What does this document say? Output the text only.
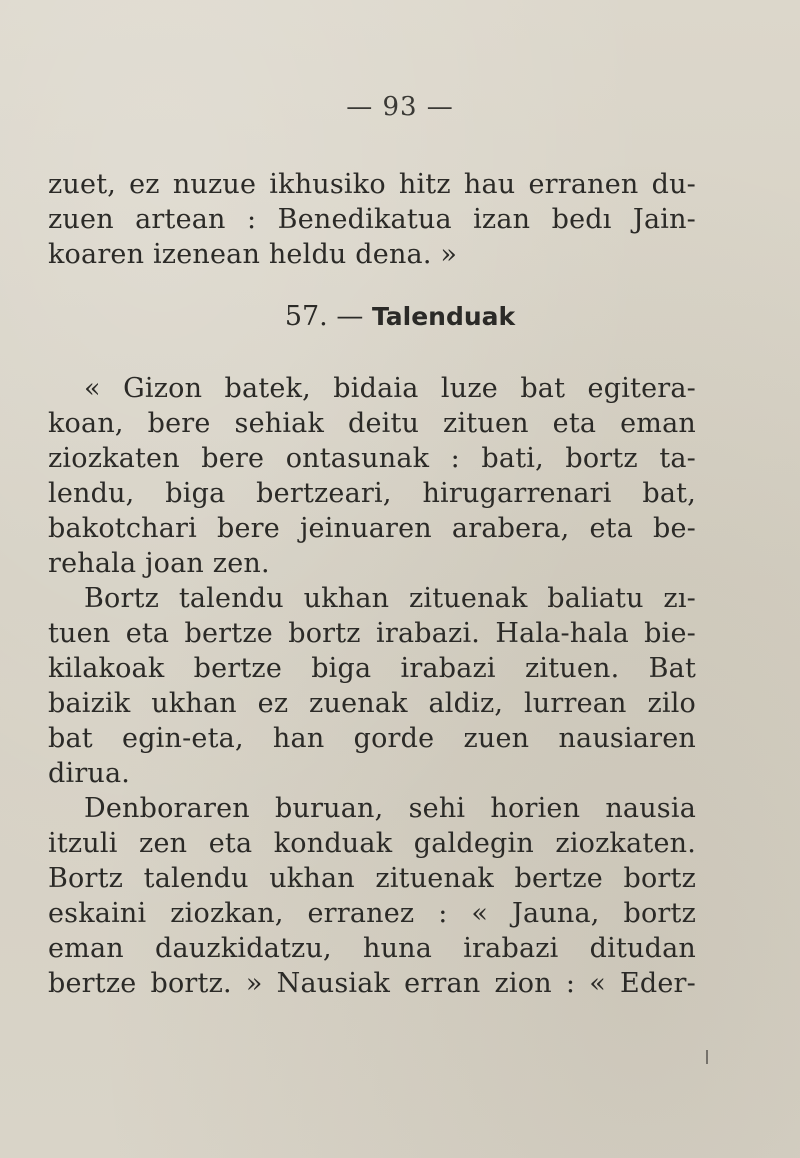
— 93 —
zuet, ez nuzue ikhusiko hitz hau erranen du-
zuen artean : Benedikatua izan bedı Jain-
koaren izenean heldu dena. »
57. — Talenduak
« Gizon batek, bidaia luze bat egitera-
koan, bere sehiak deitu zituen eta eman
ziozkaten bere ontasunak : bati, bortz ta-
lendu, biga bertzeari, hirugarrenari bat,
bakotchari bere jeinuaren arabera, eta be-
rehala joan zen.
Bortz talendu ukhan zituenak baliatu zı-
tuen eta bertze bortz irabazi. Hala-hala bie-
kilakoak bertze biga irabazi zituen. Bat
baizik ukhan ez zuenak aldiz, lurrean zilo
bat egin-eta, han gorde zuen nausiaren
dirua.
Denboraren buruan, sehi horien nausia
itzuli zen eta konduak galdegin ziozkaten.
Bortz talendu ukhan zituenak bertze bortz
eskaini ziozkan, erranez : « Jauna, bortz
eman dauzkidatzu, huna irabazi ditudan
bertze bortz. » Nausiak erran zion : « Eder-
